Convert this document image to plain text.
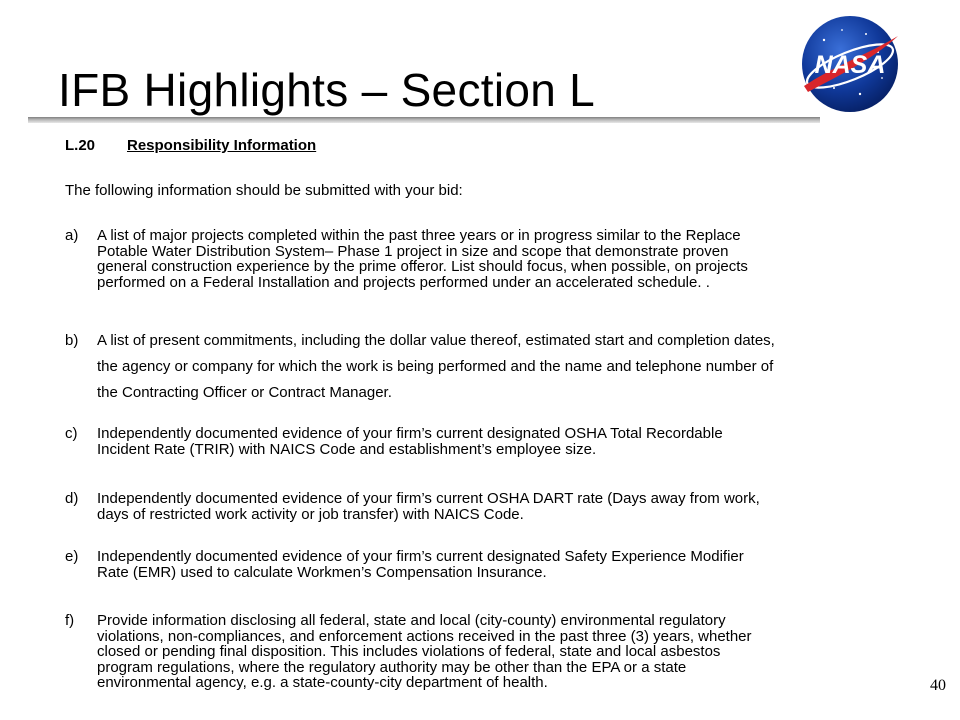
IFB Highlights – Section L	NASA

L.20 Responsibility Information

The following information should be submitted with your bid:

a) A list of major projects completed within the past three years or in progress similar to the Replace
Potable Water Distribution System– Phase 1 project in size and scope that demonstrate proven
general construction experience by the prime offeror. List should focus, when possible, on projects
performed on a Federal Installation and projects performed under an accelerated schedule. .
b) A list of present commitments, including the dollar value thereof, estimated start and completion dates,
the agency or company for which the work is being performed and the name and telephone number of
the Contracting Officer or Contract Manager.
c) Independently documented evidence of your firm’s current designated OSHA Total Recordable
Incident Rate (TRIR) with NAICS Code and establishment’s employee size.
d) Independently documented evidence of your firm’s current OSHA DART rate (Days away from work,
days of restricted work activity or job transfer) with NAICS Code.
e) Independently documented evidence of your firm’s current designated Safety Experience Modifier
Rate (EMR) used to calculate Workmen’s Compensation Insurance.
f) Provide information disclosing all federal, state and local (city-county) environmental regulatory
violations, non-compliances, and enforcement actions received in the past three (3) years, whether
closed or pending final disposition. This includes violations of federal, state and local asbestos
program regulations, where the regulatory authority may be other than the EPA or a state
environmental agency, e.g. a state-county-city department of health.	40
